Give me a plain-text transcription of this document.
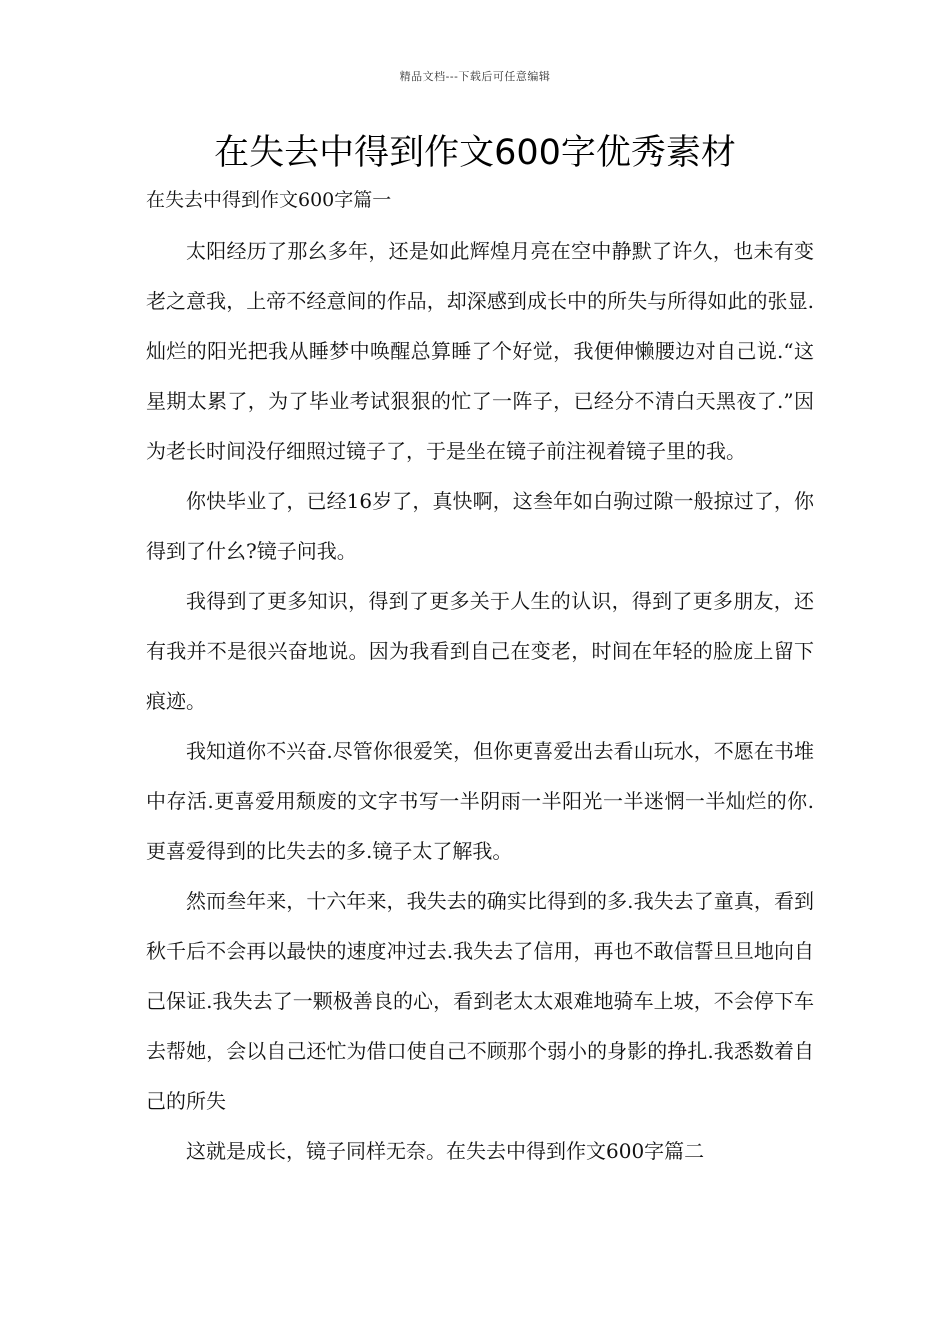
精品文档---下载后可任意编辑
在失去中得到作文600字优秀素材
在失去中得到作文600字篇一

太阳经历了那幺多年，还是如此辉煌月亮在空中静默了许久，也未有变老之意我，上帝不经意间的作品，却深感到成长中的所失与所得如此的张显.灿烂的阳光把我从睡梦中唤醒总算睡了个好觉，我便伸懒腰边对自己说.“这星期太累了，为了毕业考试狠狠的忙了一阵子，已经分不清白天黑夜了.”因为老长时间没仔细照过镜子了，于是坐在镜子前注视着镜子里的我。

你快毕业了，已经16岁了，真快啊，这叁年如白驹过隙一般掠过了，你得到了什幺?镜子问我。

我得到了更多知识，得到了更多关于人生的认识，得到了更多朋友，还有我并不是很兴奋地说。因为我看到自己在变老，时间在年轻的脸庞上留下痕迹。

我知道你不兴奋.尽管你很爱笑，但你更喜爱出去看山玩水，不愿在书堆中存活.更喜爱用颓废的文字书写一半阴雨一半阳光一半迷惘一半灿烂的你.更喜爱得到的比失去的多.镜子太了解我。

然而叁年来，十六年来，我失去的确实比得到的多.我失去了童真，看到秋千后不会再以最快的速度冲过去.我失去了信用，再也不敢信誓旦旦地向自己保证.我失去了一颗极善良的心，看到老太太艰难地骑车上坡，不会停下车去帮她，会以自己还忙为借口使自己不顾那个弱小的身影的挣扎.我悉数着自己的所失

这就是成长，镜子同样无奈。在失去中得到作文600字篇二
